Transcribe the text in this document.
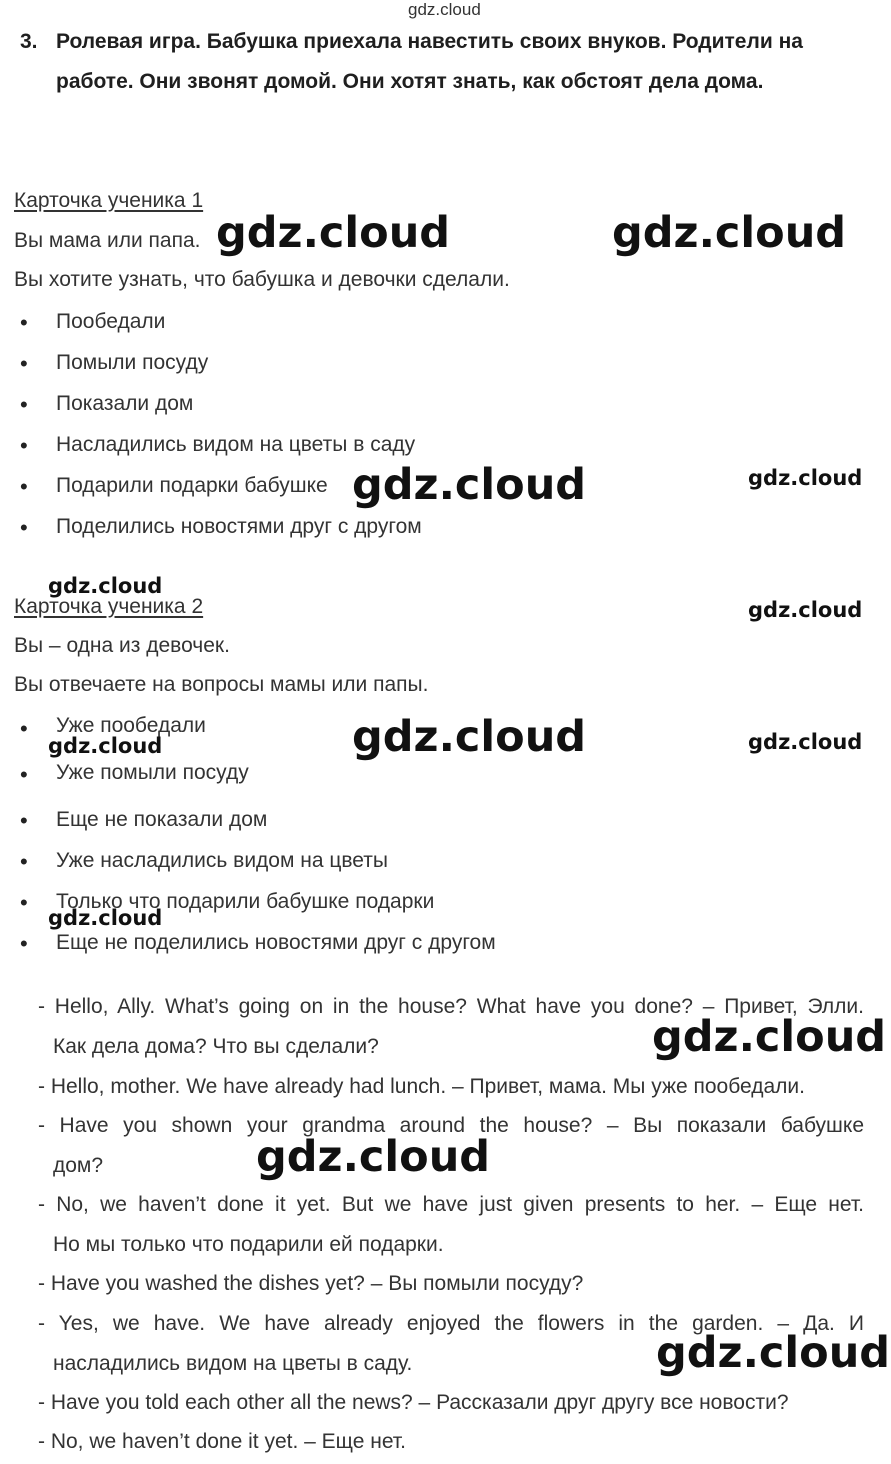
gdz.cloud
3. Ролевая игра. Бабушка приехала навестить своих внуков. Родители на
работе. Они звонят домой. Они хотят знать, как обстоят дела дома.
Карточка ученика 1
Вы мама или папа.
Вы хотите узнать, что бабушка и девочки сделали.
• Пообедали
• Помыли посуду
• Показали дом
• Насладились видом на цветы в саду
• Подарили подарки бабушке
• Поделились новостями друг с другом
Карточка ученика 2
Вы – одна из девочек.
Вы отвечаете на вопросы мамы или папы.
• Уже пообедали
• Уже помыли посуду
• Еще не показали дом
• Уже насладились видом на цветы
• Только что подарили бабушке подарки
• Еще не поделились новостями друг с другом
- Hello, Ally. What’s going on in the house? What have you done? – Привет, Элли.
Как дела дома? Что вы сделали?
- Hello, mother. We have already had lunch. – Привет, мама. Мы уже пообедали.
- Have you shown your grandma around the house? – Вы показали бабушке
дом?
- No, we haven’t done it yet. But we have just given presents to her. – Еще нет.
Но мы только что подарили ей подарки.
- Have you washed the dishes yet? – Вы помыли посуду?
- Yes, we have. We have already enjoyed the flowers in the garden. – Да. И
насладились видом на цветы в саду.
- Have you told each other all the news? – Рассказали друг другу все новости?
- No, we haven’t done it yet. – Еще нет.
gdz.cloud	gdz.cloud
gdz.cloud	gdz.cloud
gdz.cloud
gdz.cloud
gdz.cloud
gdz.cloud	gdz.cloud
gdz.cloud
gdz.cloud
gdz.cloud
gdz.cloud
